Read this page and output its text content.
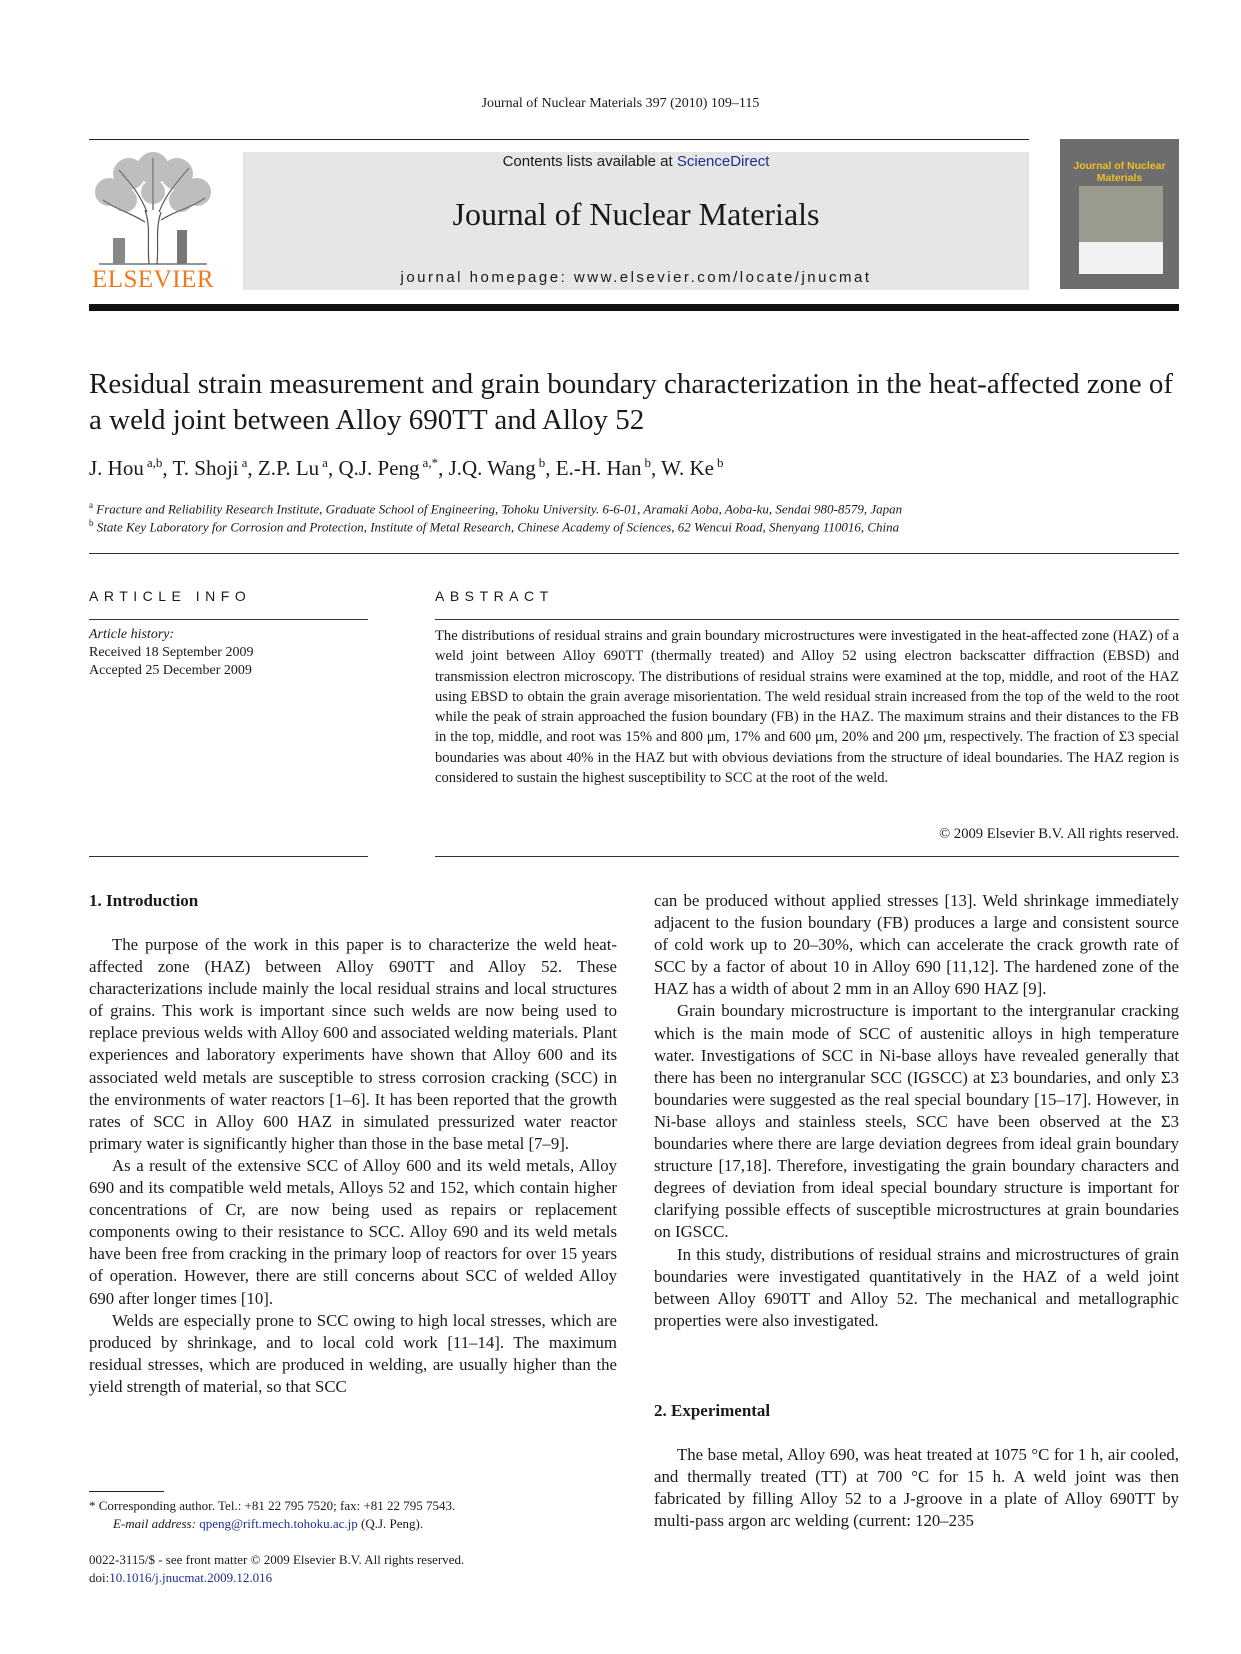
Journal of Nuclear Materials 397 (2010) 109–115
ELSEVIER
Contents lists available at ScienceDirect
Journal of Nuclear Materials
journal homepage: www.elsevier.com/locate/jnucmat
Journal of Nuclear Materials
Residual strain measurement and grain boundary characterization in the heat-affected zone of a weld joint between Alloy 690TT and Alloy 52
J. Hou $^{a,b}$, T. Shoji $^a$, Z.P. Lu $^a$, Q.J. Peng $^{a,*}$, J.Q. Wang $^b$, E.-H. Han $^b$, W. Ke $^b$
$^a$ Fracture and Reliability Research Institute, Graduate School of Engineering, Tohoku University. 6-6-01, Aramaki Aoba, Aoba-ku, Sendai 980-8579, Japan
$^b$ State Key Laboratory for Corrosion and Protection, Institute of Metal Research, Chinese Academy of Sciences, 62 Wencui Road, Shenyang 110016, China
ARTICLE INFO
Article history:
Received 18 September 2009
Accepted 25 December 2009
ABSTRACT
The distributions of residual strains and grain boundary microstructures were investigated in the heat-affected zone (HAZ) of a weld joint between Alloy 690TT (thermally treated) and Alloy 52 using electron backscatter diffraction (EBSD) and transmission electron microscopy. The distributions of residual strains were examined at the top, middle, and root of the HAZ using EBSD to obtain the grain average misorientation. The weld residual strain increased from the top of the weld to the root while the peak of strain approached the fusion boundary (FB) in the HAZ. The maximum strains and their distances to the FB in the top, middle, and root was 15% and 800 μm, 17% and 600 μm, 20% and 200 μm, respectively. The fraction of Σ3 special boundaries was about 40% in the HAZ but with obvious deviations from the structure of ideal boundaries. The HAZ region is considered to sustain the highest susceptibility to SCC at the root of the weld.
© 2009 Elsevier B.V. All rights reserved.
1. Introduction

The purpose of the work in this paper is to characterize the weld heat-affected zone (HAZ) between Alloy 690TT and Alloy 52. These characterizations include mainly the local residual strains and local structures of grains. This work is important since such welds are now being used to replace previous welds with Alloy 600 and associated welding materials. Plant experiences and laboratory experiments have shown that Alloy 600 and its associated weld metals are susceptible to stress corrosion cracking (SCC) in the environments of water reactors [1–6]. It has been reported that the growth rates of SCC in Alloy 600 HAZ in simulated pressurized water reactor primary water is significantly higher than those in the base metal [7–9].

As a result of the extensive SCC of Alloy 600 and its weld metals, Alloy 690 and its compatible weld metals, Alloys 52 and 152, which contain higher concentrations of Cr, are now being used as repairs or replacement components owing to their resistance to SCC. Alloy 690 and its weld metals have been free from cracking in the primary loop of reactors for over 15 years of operation. However, there are still concerns about SCC of welded Alloy 690 after longer times [10].

Welds are especially prone to SCC owing to high local stresses, which are produced by shrinkage, and to local cold work [11–14]. The maximum residual stresses, which are produced in welding, are usually higher than the yield strength of material, so that SCC

can be produced without applied stresses [13]. Weld shrinkage immediately adjacent to the fusion boundary (FB) produces a large and consistent source of cold work up to 20–30%, which can accelerate the crack growth rate of SCC by a factor of about 10 in Alloy 690 [11,12]. The hardened zone of the HAZ has a width of about 2 mm in an Alloy 690 HAZ [9].

Grain boundary microstructure is important to the intergranular cracking which is the main mode of SCC of austenitic alloys in high temperature water. Investigations of SCC in Ni-base alloys have revealed generally that there has been no intergranular SCC (IGSCC) at Σ3 boundaries, and only Σ3 boundaries were suggested as the real special boundary [15–17]. However, in Ni-base alloys and stainless steels, SCC have been observed at the Σ3 boundaries where there are large deviation degrees from ideal grain boundary structure [17,18]. Therefore, investigating the grain boundary characters and degrees of deviation from ideal special boundary structure is important for clarifying possible effects of susceptible microstructures at grain boundaries on IGSCC.

In this study, distributions of residual strains and microstructures of grain boundaries were investigated quantitatively in the HAZ of a weld joint between Alloy 690TT and Alloy 52. The mechanical and metallographic properties were also investigated.

2. Experimental

The base metal, Alloy 690, was heat treated at 1075 °C for 1 h, air cooled, and thermally treated (TT) at 700 °C for 15 h. A weld joint was then fabricated by filling Alloy 52 to a J-groove in a plate of Alloy 690TT by multi-pass argon arc welding (current: 120–235

* Corresponding author. Tel.: +81 22 795 7520; fax: +81 22 795 7543.
E-mail address: qpeng@rift.mech.tohoku.ac.jp (Q.J. Peng).
0022-3115/$ - see front matter © 2009 Elsevier B.V. All rights reserved.
doi:10.1016/j.jnucmat.2009.12.016
